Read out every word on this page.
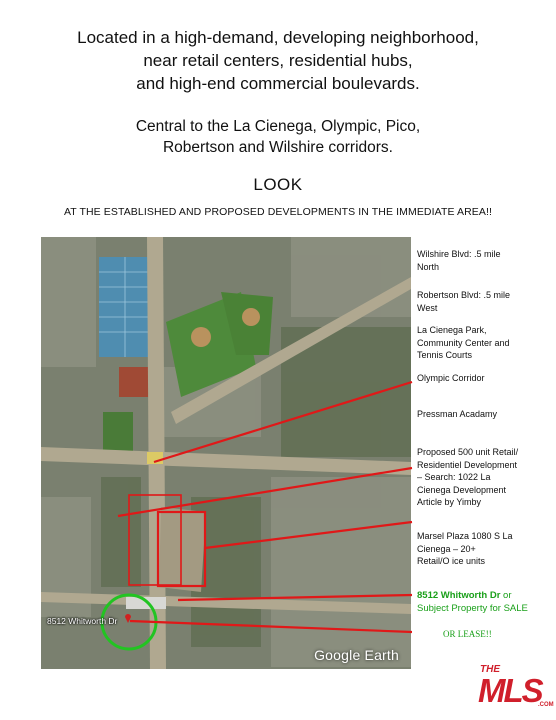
Located in a high-demand, developing neighborhood,
near retail centers, residential hubs,
and high-end commercial boulevards.
Central to the La Cienega, Olympic, Pico,
Robertson and Wilshire corridors.
LOOK
AT THE ESTABLISHED AND PROPOSED DEVELOPMENTS IN THE IMMEDIATE AREA!!
8512 Whitworth Dr
Google Earth
Wilshire Blvd: .5 mile
North
Robertson Blvd: .5 mile
West
La Cienega Park,
Community Center and
Tennis Courts
Olympic Corridor
Pressman Acadamy
Proposed 500 unit Retail/
Residentiel Development
– Search: 1022 La
Cienega Development
Article by Yimby
Marsel Plaza 1080 S La
Cienega – 20+
Retail/O ice units
8512 Whitworth Dr or
Subject Property for SALE
OR LEASE!!
THE
MLS
.COM
